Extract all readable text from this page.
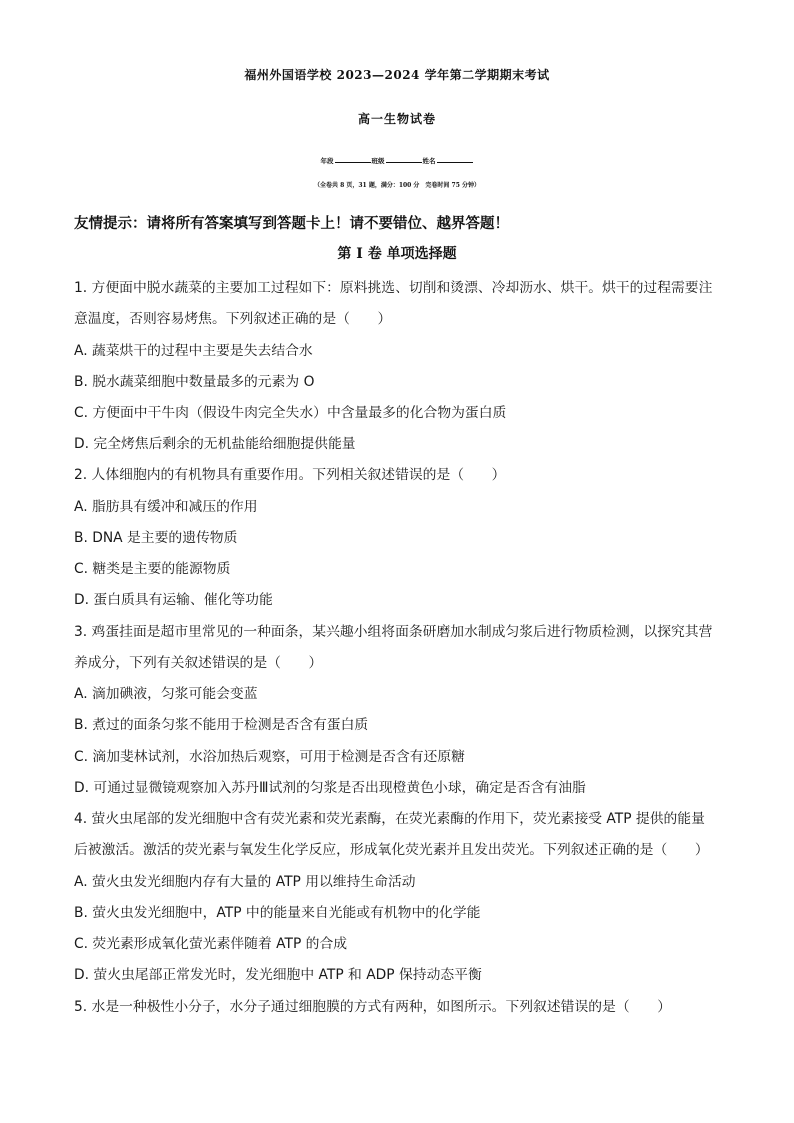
福州外国语学校 2023—2024 学年第二学期期末考试
高一生物试卷
年段	班级	姓名
（全卷共 8 页，31 题，满分：100 分　完卷时间 75 分钟）
友情提示：请将所有答案填写到答题卡上！请不要错位、越界答题！
第 I 卷 单项选择题
1. 方便面中脱水蔬菜的主要加工过程如下：原料挑选、切削和烫漂、冷却沥水、烘干。烘干的过程需要注
意温度，否则容易烤焦。下列叙述正确的是（　　）
A. 蔬菜烘干的过程中主要是失去结合水
B. 脱水蔬菜细胞中数量最多的元素为 O
C. 方便面中干牛肉（假设牛肉完全失水）中含量最多的化合物为蛋白质
D. 完全烤焦后剩余的无机盐能给细胞提供能量
2. 人体细胞内的有机物具有重要作用。下列相关叙述错误的是（　　）
A. 脂肪具有缓冲和减压的作用
B. DNA 是主要的遗传物质
C. 糖类是主要的能源物质
D. 蛋白质具有运输、催化等功能
3. 鸡蛋挂面是超市里常见的一种面条，某兴趣小组将面条研磨加水制成匀浆后进行物质检测，以探究其营
养成分，下列有关叙述错误的是（　　）
A. 滴加碘液，匀浆可能会变蓝
B. 煮过的面条匀浆不能用于检测是否含有蛋白质
C. 滴加斐林试剂，水浴加热后观察，可用于检测是否含有还原糖
D. 可通过显微镜观察加入苏丹Ⅲ试剂的匀浆是否出现橙黄色小球，确定是否含有油脂
4. 萤火虫尾部的发光细胞中含有荧光素和荧光素酶，在荧光素酶的作用下，荧光素接受 ATP 提供的能量
后被激活。激活的荧光素与氧发生化学反应，形成氧化荧光素并且发出荧光。下列叙述正确的是（　　）
A. 萤火虫发光细胞内存有大量的 ATP 用以维持生命活动
B. 萤火虫发光细胞中，ATP 中的能量来自光能或有机物中的化学能
C. 荧光素形成氧化萤光素伴随着 ATP 的合成
D. 萤火虫尾部正常发光时，发光细胞中 ATP 和 ADP 保持动态平衡
5. 水是一种极性小分子，水分子通过细胞膜的方式有两种，如图所示。下列叙述错误的是（　　）
